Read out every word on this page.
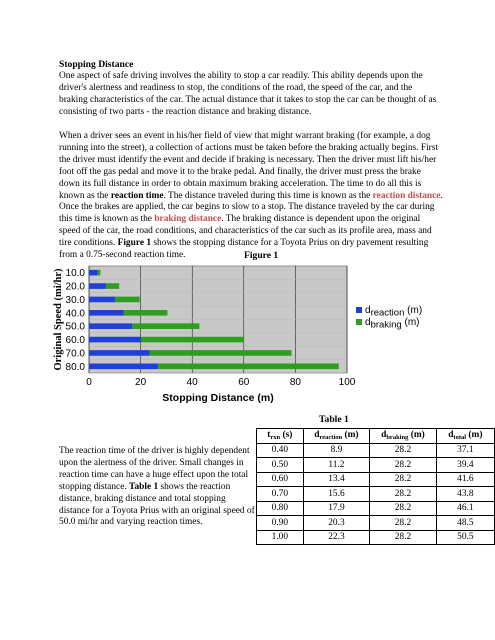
Stopping Distance
One aspect of safe driving involves the ability to stop a car readily. This ability depends upon the driver's alertness and readiness to stop, the conditions of the road, the speed of the car, and the braking characteristics of the car. The actual distance that it takes to stop the car can be thought of as consisting of two parts - the reaction distance and braking distance.
When a driver sees an event in his/her field of view that might warrant braking (for example, a dog running into the street), a collection of actions must be taken before the braking actually begins. First the driver must identify the event and decide if braking is necessary. Then the driver must lift his/her foot off the gas pedal and move it to the brake pedal. And finally, the driver must press the brake down its full distance in order to obtain maximum braking acceleration. The time to do all this is known as the reaction time. The distance traveled during this time is known as the reaction distance. Once the brakes are applied, the car begins to slow to a stop. The distance traveled by the car during this time is known as the braking distance. The braking distance is dependent upon the original speed of the car, the road conditions, and characteristics of the car such as its profile area, mass and tire conditions. Figure 1 shows the stopping distance for a Toyota Prius on dry pavement resulting from a 0.75-second reaction time.	Figure 1
0	20	40	60	80	100
10.0
20.0
30.0
40.0
50.0
60.0
70.0
80.0
Stopping Distance (m)
Original Speed (mi/hr)	dreaction (m)
dbraking (m)
The reaction time of the driver is highly dependent upon the alertness of the driver. Small changes in reaction time can have a huge effect upon the total stopping distance. Table 1 shows the reaction distance, braking distance and total stopping distance for a Toyota Prius with an original speed of 50.0 mi/hr and varying reaction times.
Table 1
$t_{rxn}$ (s)	$d_{reaction}$ (m)	$d_{braking}$ (m)	$d_{total}$ (m)
0.40	8.9	28.2	37.1
0.50	11.2	28.2	39.4
0.60	13.4	28.2	41.6
0.70	15.6	28.2	43.8
0.80	17.9	28.2	46.1
0.90	20.3	28.2	48.5
1.00	22.3	28.2	50.5
